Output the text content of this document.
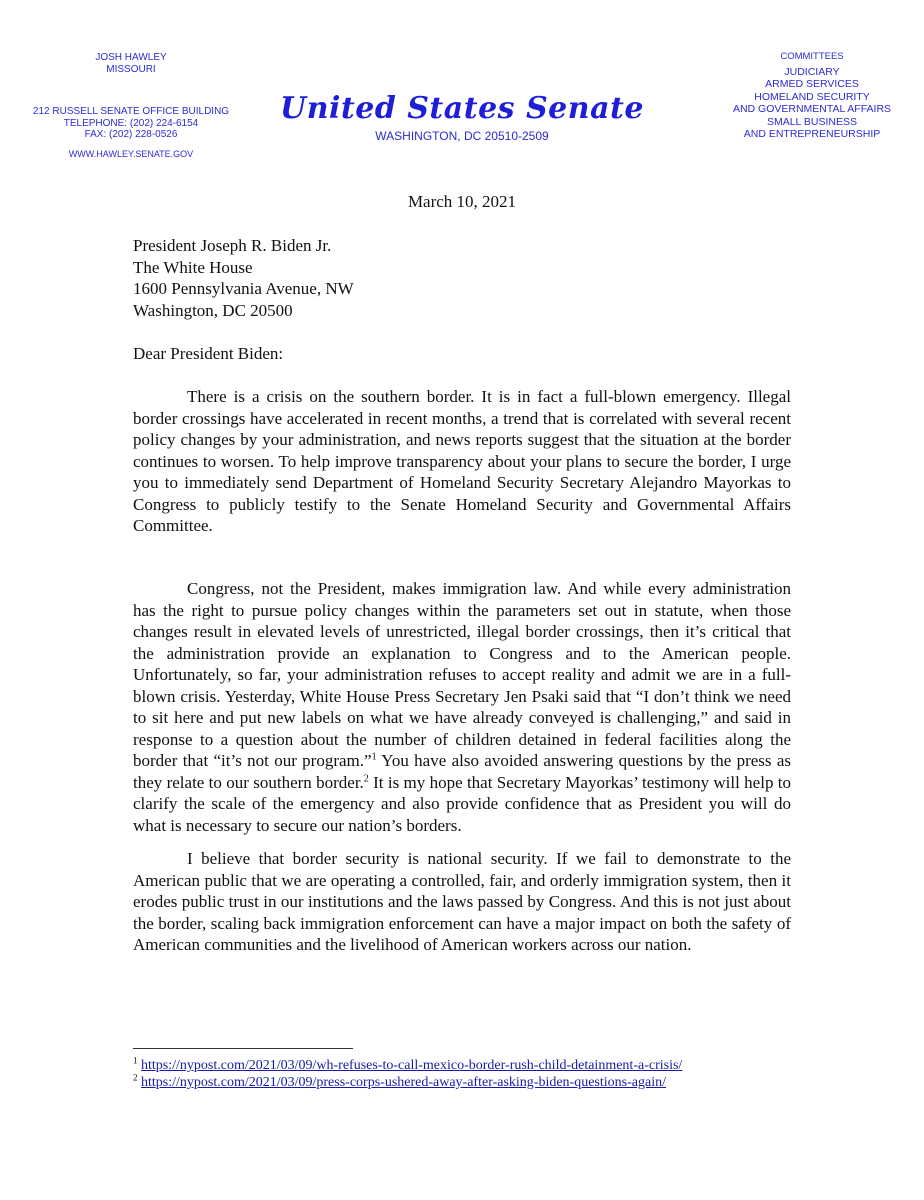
JOSH HAWLEY
MISSOURI
212 RUSSELL SENATE OFFICE BUILDING
TELEPHONE: (202) 224-6154
FAX: (202) 228-0526
WWW.HAWLEY.SENATE.GOV
United States Senate
WASHINGTON, DC 20510-2509
COMMITTEES
JUDICIARY
ARMED SERVICES
HOMELAND SECURITY
AND GOVERNMENTAL AFFAIRS
SMALL BUSINESS
AND ENTREPRENEURSHIP
March 10, 2021
President Joseph R. Biden Jr.
The White House
1600 Pennsylvania Avenue, NW
Washington, DC 20500
Dear President Biden:
There is a crisis on the southern border. It is in fact a full-blown emergency. Illegal border crossings have accelerated in recent months, a trend that is correlated with several recent policy changes by your administration, and news reports suggest that the situation at the border continues to worsen. To help improve transparency about your plans to secure the border, I urge you to immediately send Department of Homeland Security Secretary Alejandro Mayorkas to Congress to publicly testify to the Senate Homeland Security and Governmental Affairs Committee.
Congress, not the President, makes immigration law. And while every administration has the right to pursue policy changes within the parameters set out in statute, when those changes result in elevated levels of unrestricted, illegal border crossings, then it’s critical that the administration provide an explanation to Congress and to the American people. Unfortunately, so far, your administration refuses to accept reality and admit we are in a full-blown crisis. Yesterday, White House Press Secretary Jen Psaki said that “I don’t think we need to sit here and put new labels on what we have already conveyed is challenging,” and said in response to a question about the number of children detained in federal facilities along the border that “it’s not our program.”$^1$ You have also avoided answering questions by the press as they relate to our southern border.$^2$ It is my hope that Secretary Mayorkas’ testimony will help to clarify the scale of the emergency and also provide confidence that as President you will do what is necessary to secure our nation’s borders.
I believe that border security is national security. If we fail to demonstrate to the American public that we are operating a controlled, fair, and orderly immigration system, then it erodes public trust in our institutions and the laws passed by Congress. And this is not just about the border, scaling back immigration enforcement can have a major impact on both the safety of American communities and the livelihood of American workers across our nation.
$^1$ https://nypost.com/2021/03/09/wh-refuses-to-call-mexico-border-rush-child-detainment-a-crisis/
$^2$ https://nypost.com/2021/03/09/press-corps-ushered-away-after-asking-biden-questions-again/
